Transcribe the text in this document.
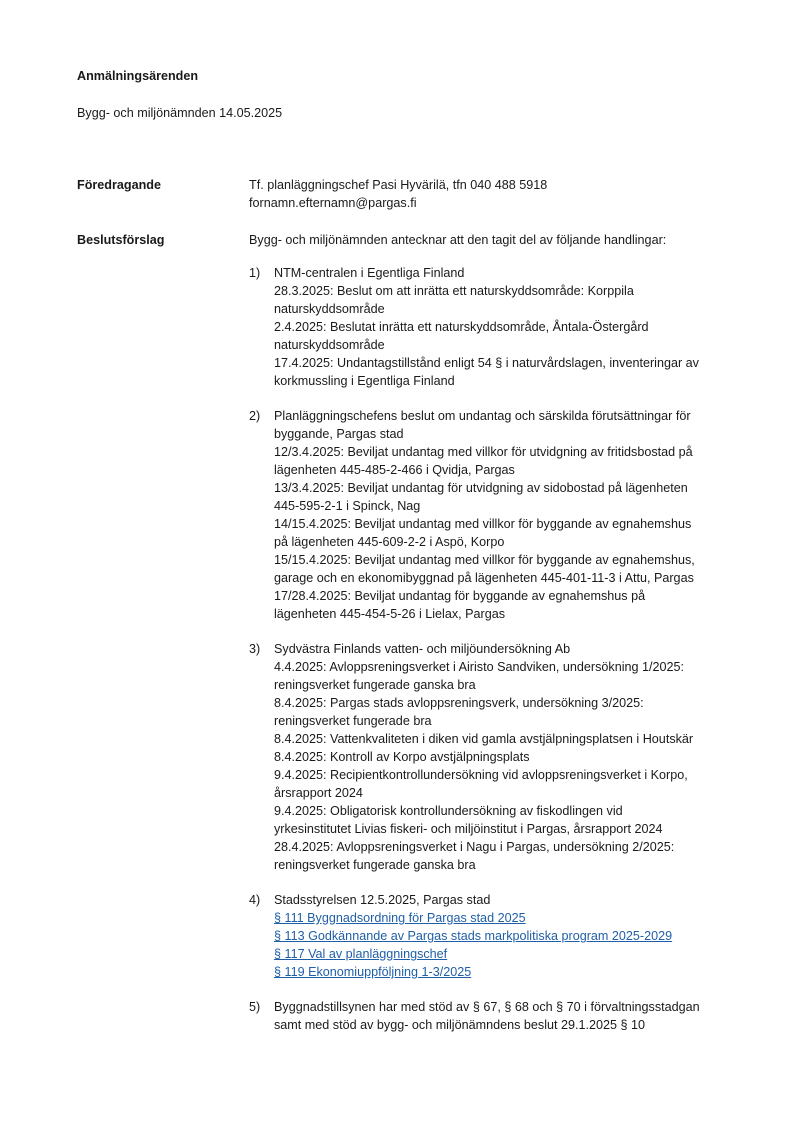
Anmälningsärenden
Bygg- och miljönämnden 14.05.2025
Föredragande	Tf. planläggningschef Pasi Hyvärilä, tfn 040 488 5918
fornamn.efternamn@pargas.fi
Beslutsförslag	Bygg- och miljönämnden antecknar att den tagit del av följande handlingar:
1)	NTM-centralen i Egentliga Finland
28.3.2025: Beslut om att inrätta ett naturskyddsområde: Korppila
naturskyddsområde
2.4.2025: Beslutat inrätta ett naturskyddsområde, Åntala-Östergård
naturskyddsområde
17.4.2025: Undantagstillstånd enligt 54 § i naturvårdslagen, inventeringar av
korkmussling i Egentliga Finland
2)	Planläggningschefens beslut om undantag och särskilda förutsättningar för
byggande, Pargas stad
12/3.4.2025: Beviljat undantag med villkor för utvidgning av fritidsbostad på
lägenheten 445-485-2-466 i Qvidja, Pargas
13/3.4.2025: Beviljat undantag för utvidgning av sidobostad på lägenheten
445-595-2-1 i Spinck, Nag
14/15.4.2025: Beviljat undantag med villkor för byggande av egnahemshus
på lägenheten 445-609-2-2 i Aspö, Korpo
15/15.4.2025: Beviljat undantag med villkor för byggande av egnahemshus,
garage och en ekonomibyggnad på lägenheten 445-401-11-3 i Attu, Pargas
17/28.4.2025: Beviljat undantag för byggande av egnahemshus på
lägenheten 445-454-5-26 i Lielax, Pargas
3)	Sydvästra Finlands vatten- och miljöundersökning Ab
4.4.2025: Avloppsreningsverket i Airisto Sandviken, undersökning 1/2025:
reningsverket fungerade ganska bra
8.4.2025: Pargas stads avloppsreningsverk, undersökning 3/2025:
reningsverket fungerade bra
8.4.2025: Vattenkvaliteten i diken vid gamla avstjälpningsplatsen i Houtskär
8.4.2025: Kontroll av Korpo avstjälpningsplats
9.4.2025: Recipientkontrollundersökning vid avloppsreningsverket i Korpo,
årsrapport 2024
9.4.2025: Obligatorisk kontrollundersökning av fiskodlingen vid
yrkesinstitutet Livias fiskeri- och miljöinstitut i Pargas, årsrapport 2024
28.4.2025: Avloppsreningsverket i Nagu i Pargas, undersökning 2/2025:
reningsverket fungerade ganska bra
4)	Stadsstyrelsen 12.5.2025, Pargas stad
§ 111 Byggnadsordning för Pargas stad 2025
§ 113 Godkännande av Pargas stads markpolitiska program 2025-2029
§ 117 Val av planläggningschef
§ 119 Ekonomiuppföljning 1-3/2025
5)	Byggnadstillsynen har med stöd av § 67, § 68 och § 70 i förvaltningsstadgan
samt med stöd av bygg- och miljönämndens beslut 29.1.2025 § 10
